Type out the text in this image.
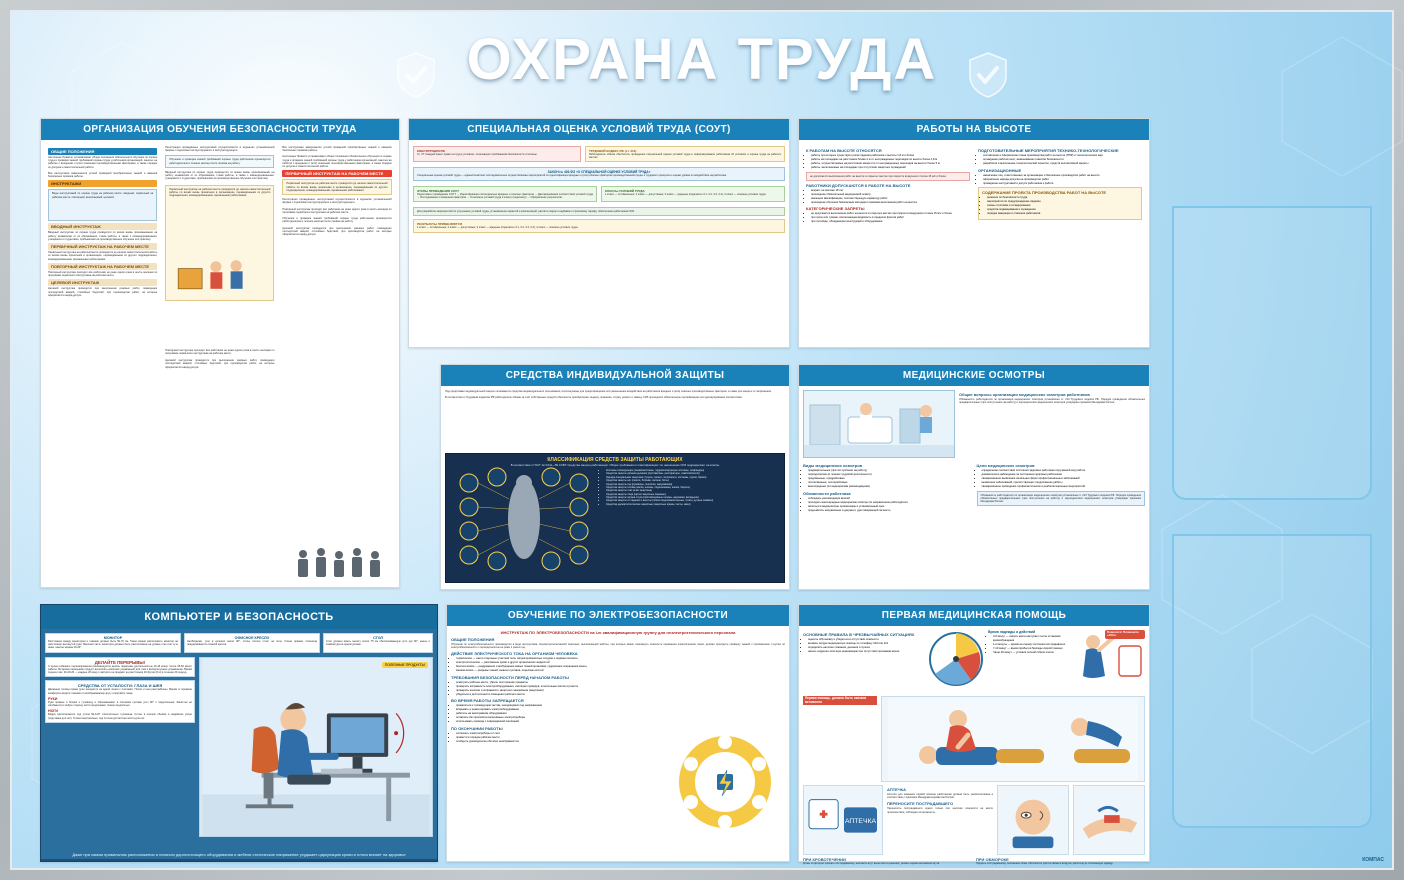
ОХРАНА ТРУДА
ОРГАНИЗАЦИЯ ОБУЧЕНИЯ БЕЗОПАСНОСТИ ТРУДА
ОБЩИЕ ПОЛОЖЕНИЯ
Настоящее Правило устанавливает общие положения обязательного обучения по охране труда и проверки знаний требований охраны труда у работников организаций, занятых на работах с вредными и (или) опасными производственными факторами, а также порядок их допуска к самостоятельной работе.
Все инструктажи завершаются устной проверкой приобретённых знаний и навыков безопасных приёмов работы.
ИНСТРУКТАЖИ
Виды инструктажей по охране труда на рабочем месте: вводный, первичный на рабочем месте, повторный, внеплановый, целевой.
ВВОДНЫЙ ИНСТРУКТАЖ
Вводный инструктаж по охране труда проводится со всеми вновь принимаемыми на работу независимо от их образования, стажа работы, а также с командированными, учащимися и студентами, прибывшими на производственное обучение или практику.
ПЕРВИЧНЫЙ ИНСТРУКТАЖ НА РАБОЧЕМ МЕСТЕ
Первичный инструктаж на рабочем месте проводится до начала самостоятельной работы со всеми вновь принятыми в организацию, переведёнными из другого подразделения, командированными, временными работниками.
ПОВТОРНЫЙ ИНСТРУКТАЖ НА РАБОЧЕМ МЕСТЕ
Повторный инструктаж проходят все работники не реже одного раза в шесть месяцев по программе первичного инструктажа на рабочем месте.
ЦЕЛЕВОЙ ИНСТРУКТАЖ
Целевой инструктаж проводится при выполнении разовых работ, ликвидации последствий аварий, стихийных бедствий, при производстве работ, на которые оформляется наряд-допуск.
Регистрация проведённых инструктажей осуществляется в журналах установленной формы с подписями инструктируемого и инструктирующего.
Обучение и проверка знаний требований охраны труда работников организуется работодателем в течение месяца после приёма на работу.
Вводный инструктаж по охране труда проводится со всеми вновь принимаемыми на работу независимо от их образования, стажа работы, а также с командированными, учащимися и студентами, прибывшими на производственное обучение или практику.
Первичный инструктаж на рабочем месте проводится до начала самостоятельной работы со всеми вновь принятыми в организацию, переведёнными из другого подразделения, командированными, временными работниками.
Повторный инструктаж проходят все работники не реже одного раза в шесть месяцев по программе первичного инструктажа на рабочем месте.
Целевой инструктаж проводится при выполнении разовых работ, ликвидации последствий аварий, стихийных бедствий, при производстве работ, на которые оформляется наряд-допуск.
Все инструктажи завершаются устной проверкой приобретённых знаний и навыков безопасных приёмов работы.
Настоящее Правило устанавливает общие положения обязательного обучения по охране труда и проверки знаний требований охраны труда у работников организаций, занятых на работах с вредными и (или) опасными производственными факторами, а также порядок их допуска к самостоятельной работе.
ПЕРВИЧНЫЙ ИНСТРУКТАЖ НА РАБОЧЕМ МЕСТЕ
Первичный инструктаж на рабочем месте проводится до начала самостоятельной работы со всеми вновь принятыми в организацию, переведёнными из другого подразделения, командированными, временными работниками.
Регистрация проведённых инструктажей осуществляется в журналах установленной формы с подписями инструктируемого и инструктирующего.
Повторный инструктаж проходят все работники не реже одного раза в шесть месяцев по программе первичного инструктажа на рабочем месте.
Обучение и проверка знаний требований охраны труда работников организуется работодателем в течение месяца после приёма на работу.
Целевой инструктаж проводится при выполнении разовых работ, ликвидации последствий аварий, стихийных бедствий, при производстве работ, на которые оформляется наряд-допуск.
СПЕЦИАЛЬНАЯ ОЦЕНКА УСЛОВИЙ ТРУДА (СОУТ)
КОНСТИТУЦИЯ РФ
Ст. 37: Каждый имеет право на труд в условиях, отвечающих требованиям безопасности и гигиены.
ТРУДОВОЙ КОДЕКС РФ (ст. 212)
Работодатель обязан обеспечить проведение специальной оценки условий труда и информирование работников об условиях и охране труда на рабочих местах.
ЗАКОН № 426-ФЗ «О СПЕЦИАЛЬНОЙ ОЦЕНКЕ УСЛОВИЙ ТРУДА»
Специальная оценка условий труда — единый комплекс последовательно осуществляемых мероприятий по идентификации вредных и (или) опасных факторов производственной среды и трудового процесса и оценке уровня их воздействия на работника.
ЭТАПЫ ПРОВЕДЕНИЯ СОУТ
Подготовка к проведению СОУТ → Идентификация потенциально вредных и опасных факторов → Декларирование соответствия условий труда → Исследования и измерения факторов → Отнесение условий труда к классу (подклассу) → Оформление результатов.
КЛАССЫ УСЛОВИЙ ТРУДА
1 класс — оптимальные; 2 класс — допустимые; 3 класс — вредные (подклассы 3.1, 3.2, 3.3, 3.4); 4 класс — опасные условия труда.
Для разработки мероприятий по улучшению условий труда, установления гарантий и компенсаций, расчёта скидок и надбавок к страховому тарифу, обеспечения работников СИЗ.
РЕЗУЛЬТАТЫ ПРИМЕНЯЮТСЯ
1 класс — оптимальные; 2 класс — допустимые; 3 класс — вредные (подклассы 3.1, 3.2, 3.3, 3.4); 4 класс — опасные условия труда.
РАБОТЫ НА ВЫСОТЕ
К РАБОТАМ НА ВЫСОТЕ ОТНОСЯТСЯ
• работы при которых существуют риски падения работника с высоты 1,8 м и более
• работы на площадках на расстоянии ближе 2 м от неогражденных перепадов по высоте более 1,8 м
• работы, осуществляемые на расстоянии менее 2 м от неогражденных перепадов на высоте более 5 м
• работы, выполняемые на площадках при отсутствии защитных ограждений
не допускается выполнение работ на высоте в открытых местах при скорости воздушного потока 15 м/с и более
РАБОТНИКИ ДОПУСКАЮТСЯ К РАБОТЕ НА ВЫСОТЕ
• возраст не моложе 18 лет
• прошедшие обязательный медицинский осмотр
• имеющие квалификацию, соответствующую характеру работ
• прошедшие обучение безопасным методам и приёмам выполнения работ на высоте
КАТЕГОРИЧЕСКИЕ ЗАПРЕТЫ
• не допускается выполнение работ на высоте в открытых местах при скорости воздушного потока 15 м/с и более
• при грозе или тумане, исключающем видимость в пределах фронта работ
• при гололёде, обледенении конструкций и оборудования
ПОДГОТОВИТЕЛЬНЫЕ МЕРОПРИЯТИЯ ТЕХНИКО-ТЕХНОЛОГИЧЕСКИЕ
• составление и оформление плана производства работ на высоте (ППР) и технологических карт
• ограждение рабочих мест, вывешивание плакатов безопасности
• разработка и выполнение технологической оснастки, средств коллективной защиты
ОРГАНИЗАЦИОННЫЕ
• назначение лиц, ответственных за организацию и безопасное производство работ на высоте
• оформление наряда-допуска на производство работ
• проведение инструктажей и допуск работников к работе
СОДЕРЖАНИЕ ПРОЕКТА ПРОИЗВОДСТВА РАБОТ НА ВЫСОТЕ
• решения по безопасности труда
• мероприятия по предупреждению падения
• схемы строповки и складирования
• средства подмащивания и ограждения
• порядок эвакуации и спасения работников
СРЕДСТВА ИНДИВИДУАЛЬНОЙ ЗАЩИТЫ
Под средствами индивидуальной защиты понимаются средства индивидуального пользования, используемые для предотвращения или уменьшения воздействия на работников вредных и (или) опасных производственных факторов, а также для защиты от загрязнения.
В соответствии с Трудовым кодексом РФ работодатель обязан за счёт собственных средств обеспечить приобретение, выдачу, хранение, стирку, ремонт и замену СИЗ прошедших обязательную сертификацию или декларирование соответствия.
КЛАССИФИКАЦИЯ СРЕДСТВ ЗАЩИТЫ РАБОТАЮЩИХ
В соответствии с ГОСТ 12.4.011—89 ССБТ. Средства защиты работающих. Общие требования и классификация / по назначению СИЗ подразделяют на классы
• Костюмы изолирующие (пневмокостюмы, гидроизолирующие костюмы, скафандры)
• Средства защиты органов дыхания (противогазы, респираторы, самоспасатели)
• Одежда специальная защитная (тулупы, пальто, полупальто, костюмы, куртки, брюки)
• Средства защиты ног (сапоги, ботинки, галоши, боты)
• Средства защиты рук (рукавицы, перчатки, нарукавники)
• Средства защиты головы (каски, шлемы, подшлемники, шапки, береты)
• Средства защиты глаз (очки защитные)
• Средства защиты лица (щитки защитные лицевые)
• Средства защиты органа слуха (противошумные шлемы, наушники, вкладыши)
• Средства защиты от падения с высоты (пояса предохранительные, тросы, ручные захваты)
• Средства дерматологические защитные (защитные кремы, пасты, мази)
МЕДИЦИНСКИЕ ОСМОТРЫ
Общие вопросы организации медицинских осмотров работников
Обязанность работодателя по организации медицинских осмотров установлена ст. 213 Трудового кодекса РФ. Порядок проведения обязательных предварительных (при поступлении на работу) и периодических медицинских осмотров утверждён приказом Минздрава России.
Виды медицинских осмотров
• предварительные (при поступлении на работу)
• периодические (в течение трудовой деятельности)
• предсменные, предрейсовые
• послесменные, послерейсовые
• внеочередные (по медицинским рекомендациям)
Обязанности работника
• соблюдать рекомендации врачей
• проходить внеочередные медицинские осмотры по направлению работодателя
• являться в медицинскую организацию в установленный срок
• предъявлять направление и документ, удостоверяющий личность
Цели медицинских осмотров
• определение соответствия состояния здоровья работника поручаемой ему работе
• динамическое наблюдение за состоянием здоровья работников
• своевременное выявление начальных форм профессиональных заболеваний
• выявление заболеваний, препятствующих продолжению работы
• своевременное проведение профилактических и реабилитационных мероприятий
Обязанность работодателя по организации медицинских осмотров установлена ст. 213 Трудового кодекса РФ. Порядок проведения обязательных предварительных (при поступлении на работу) и периодических медицинских осмотров утверждён приказом Минздрава России.
КОМПЬЮТЕР И БЕЗОПАСНОСТЬ
МОНИТОР
Расстояние между монитором и глазами должно быть 50-70 см. Такое можно расположить монитор на расстоянии вытянутой руки. Верхняя часть монитора должна быть расположена на уровне глаз или чуть ниже, наклон экрана 10-20°.
ОФИСНОЕ КРЕСЛО
Необходимо, угол в коленях около 90°, стопы плотно стоят на полу. Спина прямая, поясница поддерживается спинкой кресла.
СТОЛ
Стол должен иметь высоту около 75 см обеспечивающую угол рук 90°, мышь и клавиатура на одном уровне.
ДЕЛАЙТЕ ПЕРЕРЫВЫ!
С целью избежать перенапряжения рекомендуется делать перерывы длительностью 10-15 минут после 45-60 минут работы. Во время перерывов следует выполнять комплекс упражнений для глаз и физкультурные упражнения. Время отдыха глаз: 20-20-20 — каждые 20 минут смотрите на предмет на расстоянии 20 футов (6 м) в течение 20 секунд.
СРЕДСТВА ОТ УСТАЛОСТИ: ГЛАЗА И ШЕЯ
Движение головы прямо (уши находятся на одной линии с плечами). Плечи и шея расслаблены. Время от времени комфортно водите глазами по воображаемому кругу и моргайте чаще.
РУКИ
Руки прямые и близко к туловищу и образовывают в локтевом суставе угол 90° с предплечьем. Запястья не изгибаются в любую сторону, кисти продолжают линию предплечья.
НОГИ
Бёдра располагаются под углом 90-120° относительно туловища. Стопы в полном объёме в надёжном упоре (подставка для ног). Голени вертикально, под столом достаточно места для ног.
ПОЛЕЗНЫЕ ПРОДУКТЫ
Даже при самом правильном расположении и наличии дорогостоящего оборудования и мебели статическое напряжение ухудшает циркуляцию крови и плохо влияет на здоровье
ОБУЧЕНИЕ ПО ЭЛЕКТРОБЕЗОПАСНОСТИ
ИНСТРУКТАЖ ПО ЭЛЕКТРОБЕЗОПАСНОСТИ на I-ю квалификационную группу для неэлектротехнического персонала
ОБЩИЕ ПОЛОЖЕНИЯ
Обучение по электробезопасности производится в виде инструктажа. Неэлектротехнический персонал, выполняющий работы, при которых может возникнуть опасность поражения электрическим током, должен проходить проверку знаний с присвоением I группы по электробезопасности с периодичностью не реже 1 раза в год.
ДЕЙСТВИЕ ЭЛЕКТРИЧЕСКОГО ТОКА НА ОРГАНИЗМ ЧЕЛОВЕКА
• термическое — ожоги отдельных участков тела, нагрев кровеносных сосудов и нервных волокон
• электролитическое — разложение крови и других органических жидкостей
• биологическое — раздражение и возбуждение живых тканей организма, судорожное сокращение мышц
• механическое — разрывы тканей, вывихи суставов, переломы костей
ТРЕБОВАНИЯ БЕЗОПАСНОСТИ ПЕРЕД НАЧАЛОМ РАБОТЫ
• осмотреть рабочее место, убрать посторонние предметы
• проверить исправность электрооборудования, изоляции проводов, штепсельных вилок и розеток
• проверить наличие и исправность защитного заземления (зануления)
• убедиться в достаточности освещения рабочего места
ВО ВРЕМЯ РАБОТЫ ЗАПРЕЩАЕТСЯ
• прикасаться к токоведущим частям, находящимся под напряжением
• вскрывать и ремонтировать электрооборудование
• работать на неисправном оборудовании
• оставлять без присмотра включённые электроприборы
• использовать провода с повреждённой изоляцией
ПО ОКОНЧАНИИ РАБОТЫ
• отключить электроприборы от сети
• привести в порядок рабочее место
• сообщить руководителю обо всех неисправностях
ПЕРВАЯ МЕДИЦИНСКАЯ ПОМОЩЬ
ОСНОВНЫЕ ПРАВИЛА В ЧРЕЗВЫЧАЙНЫХ СИТУАЦИЯХ
• оценить обстановку и убедиться в отсутствии опасности
• вызвать скорую медицинскую помощь по телефону 103 или 112
• определить наличие сознания, дыхания и пульса
• начать сердечно-лёгочную реанимацию при отсутствии признаков жизни
Время надежды и действий
• 4-6 минут — смерть мозга наступает после остановки кровообращения
• 1-2 минуты — время на оценку состояния пострадавшего
• 7-10 минут — время прибытия бригады скорой помощи
• Чаще 30 минут — условия полной гибели клеток
Помогите! Позвоните «103»!
Первая помощь, должна быть оказана мгновенно
АПТЕЧКА
АПТЕЧКА
Аптечка для оказания первой помощи работникам должна быть укомплектована в соответствии с приказом Минздравсоцразвития России.
ПЕРЕНОСИТЕ ПОСТРАДАВШЕГО
Переносить пострадавшего нужно только при наличии опасности на месте происшествия, соблюдая осторожность.
ПРИ КРОВОТЕЧЕНИИ
Кровь из артерии прижать пострадавшему, наложить жгут выше места ранения, указать время наложения жгута.
ПРИ ОБМОРОКЕ
Придать пострадавшему положение лёжа, обеспечить приток свежего воздуха, расстегнуть стесняющую одежду.
КОМПАС
